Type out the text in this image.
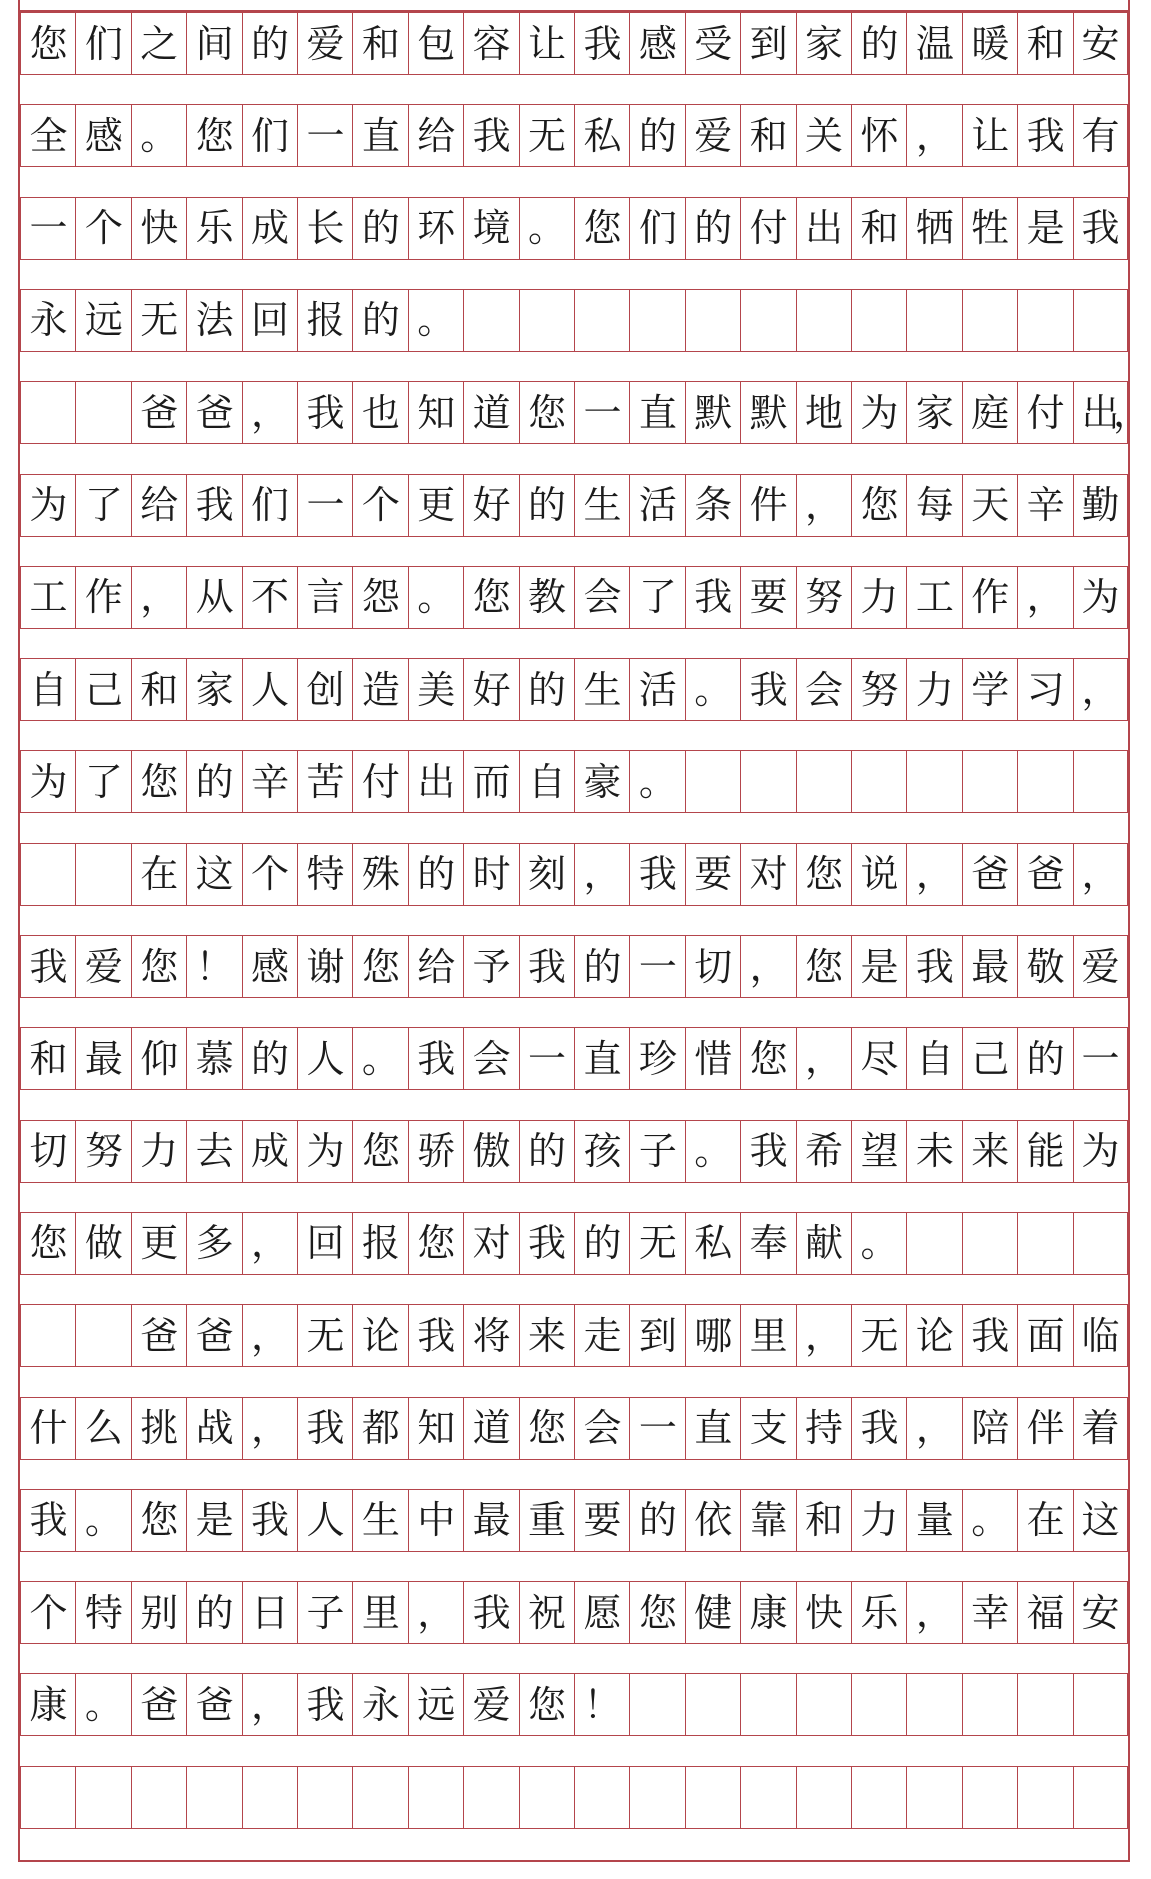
您 们 之 间 的 爱 和 包 容 让 我 感 受 到 家 的 温 暖 和 安
全 感 。 您 们 一 直 给 我 无 私 的 爱 和 关 怀 ， 让 我 有
一 个 快 乐 成 长 的 环 境 。 您 们 的 付 出 和 牺 牲 是 我
永 远 无 法 回 报 的 。
爸 爸 ， 我 也 知 道 您 一 直 默 默 地 为 家 庭 付 出
，
为 了 给 我 们 一 个 更 好 的 生 活 条 件 ， 您 每 天 辛 勤
工 作 ， 从 不 言 怨 。 您 教 会 了 我 要 努 力 工 作 ， 为
自 己 和 家 人 创 造 美 好 的 生 活 。 我 会 努 力 学 习 ，
为 了 您 的 辛 苦 付 出 而 自 豪 。
在 这 个 特 殊 的 时 刻 ， 我 要 对 您 说 ， 爸 爸 ，
我 爱 您 ！ 感 谢 您 给 予 我 的 一 切 ， 您 是 我 最 敬 爱
和 最 仰 慕 的 人 。 我 会 一 直 珍 惜 您 ， 尽 自 己 的 一
切 努 力 去 成 为 您 骄 傲 的 孩 子 。 我 希 望 未 来 能 为
您 做 更 多 ， 回 报 您 对 我 的 无 私 奉 献 。
爸 爸 ， 无 论 我 将 来 走 到 哪 里 ， 无 论 我 面 临
什 么 挑 战 ， 我 都 知 道 您 会 一 直 支 持 我 ， 陪 伴 着
我 。 您 是 我 人 生 中 最 重 要 的 依 靠 和 力 量 。 在 这
个 特 别 的 日 子 里 ， 我 祝 愿 您 健 康 快 乐 ， 幸 福 安
康 。 爸 爸 ， 我 永 远 爱 您 ！
